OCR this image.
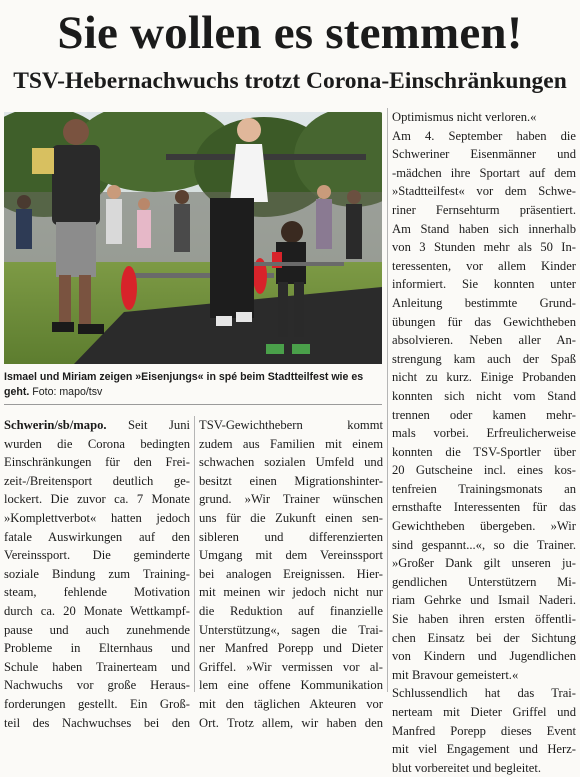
Sie wollen es stemmen!
TSV-Hebernachwuchs trotzt Corona-Einschränkungen
Ismael und Miriam zeigen »Eisenjungs« in spé beim Stadtteilfest wie es geht. Foto: mapo/tsv
Schwerin/sb/mapo. Seit Juni
wurden die Corona bedingten
Einschränkungen für den Frei-
zeit-/Breitensport deutlich ge-
lockert. Die zuvor ca. 7 Monate
»Komplettverbot« hatten jedoch
fatale Auswirkungen auf den
Vereinssport. Die geminderte
soziale Bindung zum Training-
steam, fehlende Motivation
durch ca. 20 Monate Wettkampf-
pause und auch zunehmende
Probleme in Elternhaus und
Schule haben Trainerteam und
Nachwuchs vor große Heraus-
forderungen gestellt. Ein Groß-
teil des Nachwuchses bei den
TSV-Gewichthebern kommt
zudem aus Familien mit einem
schwachen sozialen Umfeld und
besitzt einen Migrationshinter-
grund. »Wir Trainer wünschen
uns für die Zukunft einen sen-
sibleren und differenzierten
Umgang mit dem Vereinssport
bei analogen Ereignissen. Hier-
mit meinen wir jedoch nicht nur
die Reduktion auf finanzielle
Unterstützung«, sagen die Trai-
ner Manfred Porepp und Dieter
Griffel. »Wir vermissen vor al-
lem eine offene Kommunikation
mit den täglichen Akteuren vor
Ort. Trotz allem, wir haben den
Optimismus nicht verloren.«
Am 4. September haben die
Schweriner Eisenmänner und
-mädchen ihre Sportart auf dem
»Stadtteilfest« vor dem Schwe-
riner Fernsehturm präsentiert.
Am Stand haben sich innerhalb
von 3 Stunden mehr als 50 In-
teressenten, vor allem Kinder
informiert. Sie konnten unter
Anleitung bestimmte Grund-
übungen für das Gewichtheben
absolvieren. Neben aller An-
strengung kam auch der Spaß
nicht zu kurz. Einige Probanden
konnten sich nicht vom Stand
trennen oder kamen mehr-
mals vorbei. Erfreulicherweise
konnten die TSV-Sportler über
20 Gutscheine incl. eines kos-
tenfreien Trainingsmonats an
ernsthafte Interessenten für das
Gewichtheben übergeben. »Wir
sind gespannt...«, so die Trainer.
»Großer Dank gilt unseren ju-
gendlichen Unterstützern Mi-
riam Gehrke und Ismail Naderi.
Sie haben ihren ersten öffentli-
chen Einsatz bei der Sichtung
von Kindern und Jugendlichen
mit Bravour gemeistert.«
Schlussendlich hat das Trai-
nerteam mit Dieter Griffel und
Manfred Porepp dieses Event
mit viel Engagement und Herz-
blut vorbereitet und begleitet.
